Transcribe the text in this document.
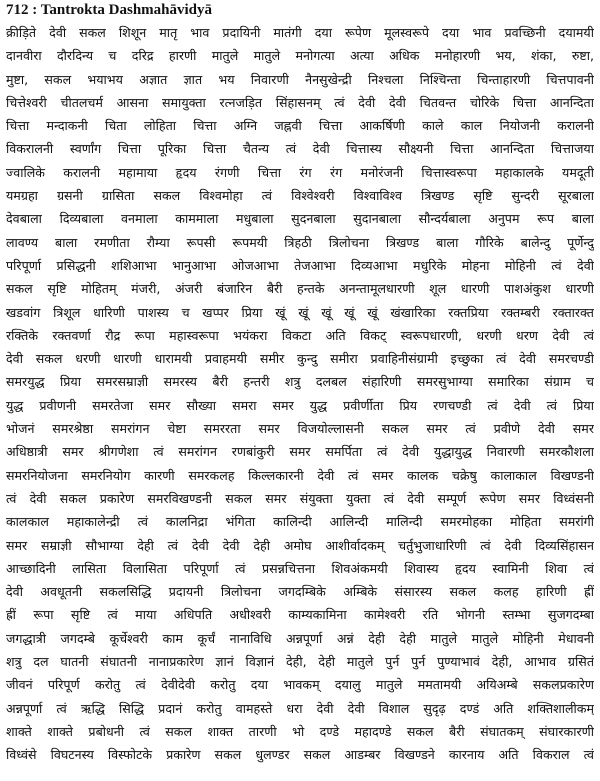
712 : Tantrokta Dashmahāvidyā
क्रीड़िते देवी सकल शिशून मातृ भाव प्रदायिनी मातंगी दया रूपेण मूलस्वरूपे दया भाव प्रवच्छिनी दयामयी
दानवीरा दौरदिन्य च दरिद्र हारणी मातुले मातुले मनोगत्या अत्या अधिक मनोहारणी भय, शंका, रुष्टा,
मुष्टा, सकल भयाभय अज्ञात ज्ञात भय निवारणी नैनसुखेन्द्री निश्चला निश्चिन्ता चिन्ताहारणी चित्तपावनी
चित्तेश्वरी चीतलचर्म आसना समायुक्ता रत्नजड़ित सिंहासनम् त्वं देवी देवी चितवन्त चोरिके चित्ता आनन्दिता
चित्ता मन्दाकनी चिता लोहिता चित्ता अग्नि जह्नवी चित्ता आकर्षिणी काले काल नियोजनी करालनी
विकरालनी स्वर्णांग चित्ता पूरिका चित्ता चैतन्य त्वं देवी चित्तास्य सौक्ष्यनी चित्ता आनन्दिता चित्ताजया
ज्वालिके करालनी महामाया हृदय रंगणी चित्ता रंग रंग मनोरंजनी चित्तास्वरूपा महाकालके यमदूती
यमग्रहा ग्रसनी ग्रासिता सकल विश्वमोहा त्वं विश्वेश्वरी विश्वाविश्व त्रिखण्ड सृष्टि सुन्दरी सूरबाला
देवबाला दिव्यबाला वनमाला काममाला मधुबाला सुदनबाला सुदानबाला सौन्दर्यबाला अनुपम रूप बाला
लावण्य बाला रमणीता रौम्या रूपसी रूपमयी त्रिहठी त्रिलोचना त्रिखण्ड बाला गौरिके बालेन्दु पूर्णेन्दु
परिपूर्णा प्रसिद्धनी शशिआभा भानुआभा ओजआभा तेजआभा दिव्यआभा मधुरिके मोहना मोहिनी त्वं देवी
सकल सृष्टि मोहितम् मंजरी, अंजरी बंजारिन बैरी हन्तके अनन्तामूलधारणी शूल धारणी पाशअंकुश धारणी
खडवांग त्रिशूल धारिणी पाशस्य च खप्पर प्रिया खूं खूं खूं खूं खूं खंखारिका रक्तप्रिया रक्तम्बरी रक्तारक्त
रक्तिके रक्तवर्णा रौद्र रूपा महास्वरूपा भयंकरा विकटा अति विकट् स्वरूपधारणी, धरणी धरण देवी त्वं
देवी सकल धरणी धारणी धारामयी प्रवाहमयी समीर कुन्दु समीरा प्रवाहिनीसंग्रामी इच्छुका त्वं देवी समरचण्डी
समरयुद्ध प्रिया समरसम्राज्ञी समरस्य बैरी हन्तरी शत्रु दलबल संहारिणी समरसुभाग्या समारिका संग्राम च
युद्ध प्रवीणनी समरतेजा समर सौख्या समरा समर युद्ध प्रवीर्णीता प्रिय रणचण्डी त्वं देवी त्वं प्रिया
भोजनं समरश्रेष्ठा समरांगन चेष्टा समररता समर विजयोल्लासनी सकल समर त्वं प्रवीणे देवी समर
अधिष्ठात्री समर श्रीगणेशा त्वं समरांगन रणबांकुरी समर समर्पिता त्वं देवी युद्धायुद्ध निवारणी समरकौशला
समरनियोजना समरनियोग कारणी समरकलह किल्लकारनी देवी त्वं समर कालक चक्रेषु कालाकाल विखण्डनी
त्वं देवी सकल प्रकारेण समरविखण्डनी सकल समर संयुक्ता युक्ता त्वं देवी सम्पूर्ण रूपेण समर विध्वंसनी
कालकाल महाकालेन्द्री त्वं कालनिद्रा भंगिता कालिन्दी आलिन्दी मालिन्दी समरमोहका मोहिता समरांगी
समर सम्राज्ञी सौभाग्या देही त्वं देवी देवी देही अमोघ आशीर्वादकम् चर्तुभुजाधारिणी त्वं देवी दिव्यसिंहासन
आच्छादिनी लासिता विलासिता परिपूर्णा त्वं प्रसन्नचित्तना शिवअंकमयी शिवास्य हृदय स्वामिनी शिवा त्वं
देवी अवधूतनी सकलसिद्धि प्रदायनी त्रिलोचना जगदम्बिके अम्बिके संसारस्य सकल कलह हारिणी ह्रीं
ह्रीं रूपा सृष्टि त्वं माया अधिपति अधीश्वरी काम्यकामिना कामेश्वरी रति भोगनी स्तम्भा सुजगदम्बा
जगद्धात्री जगदम्बे कूर्चेश्वरी काम कूर्चं नानाविधि अन्नपूर्णा अन्नं देही देही मातुले मातुले मोहिनी मेधावनी
शत्रु दल घातनी संघातनी नानाप्रकारेण ज्ञानं विज्ञानं देही, देही मातुले पुर्न पुर्न पुण्याभावं देही, आभाव ग्रसितं
जीवनं परिपूर्ण करोतु त्वं देवीदेवी करोतु दया भावकम् दयालु मातुले ममतामयी अयिअम्बे सकलप्रकारेण
अन्नपूर्णा त्वं ऋद्धि सिद्धि प्रदानं करोतु वामहस्ते धरा देवी देवी विशाल सुदृढ़ दण्डं अति शक्तिशालीकम्
शाक्ते शाक्ते प्रबोधनी त्वं सकल शाक्त तारणी भो दण्डे महादण्डे सकल बैरी संघातकम् संघारकारणी
विध्वंसे विघटनस्य विस्फोटके प्रकारेण सकल धुलण्डर सकल आडम्बर विखण्डने कारनाय अति विकराल त्वं
